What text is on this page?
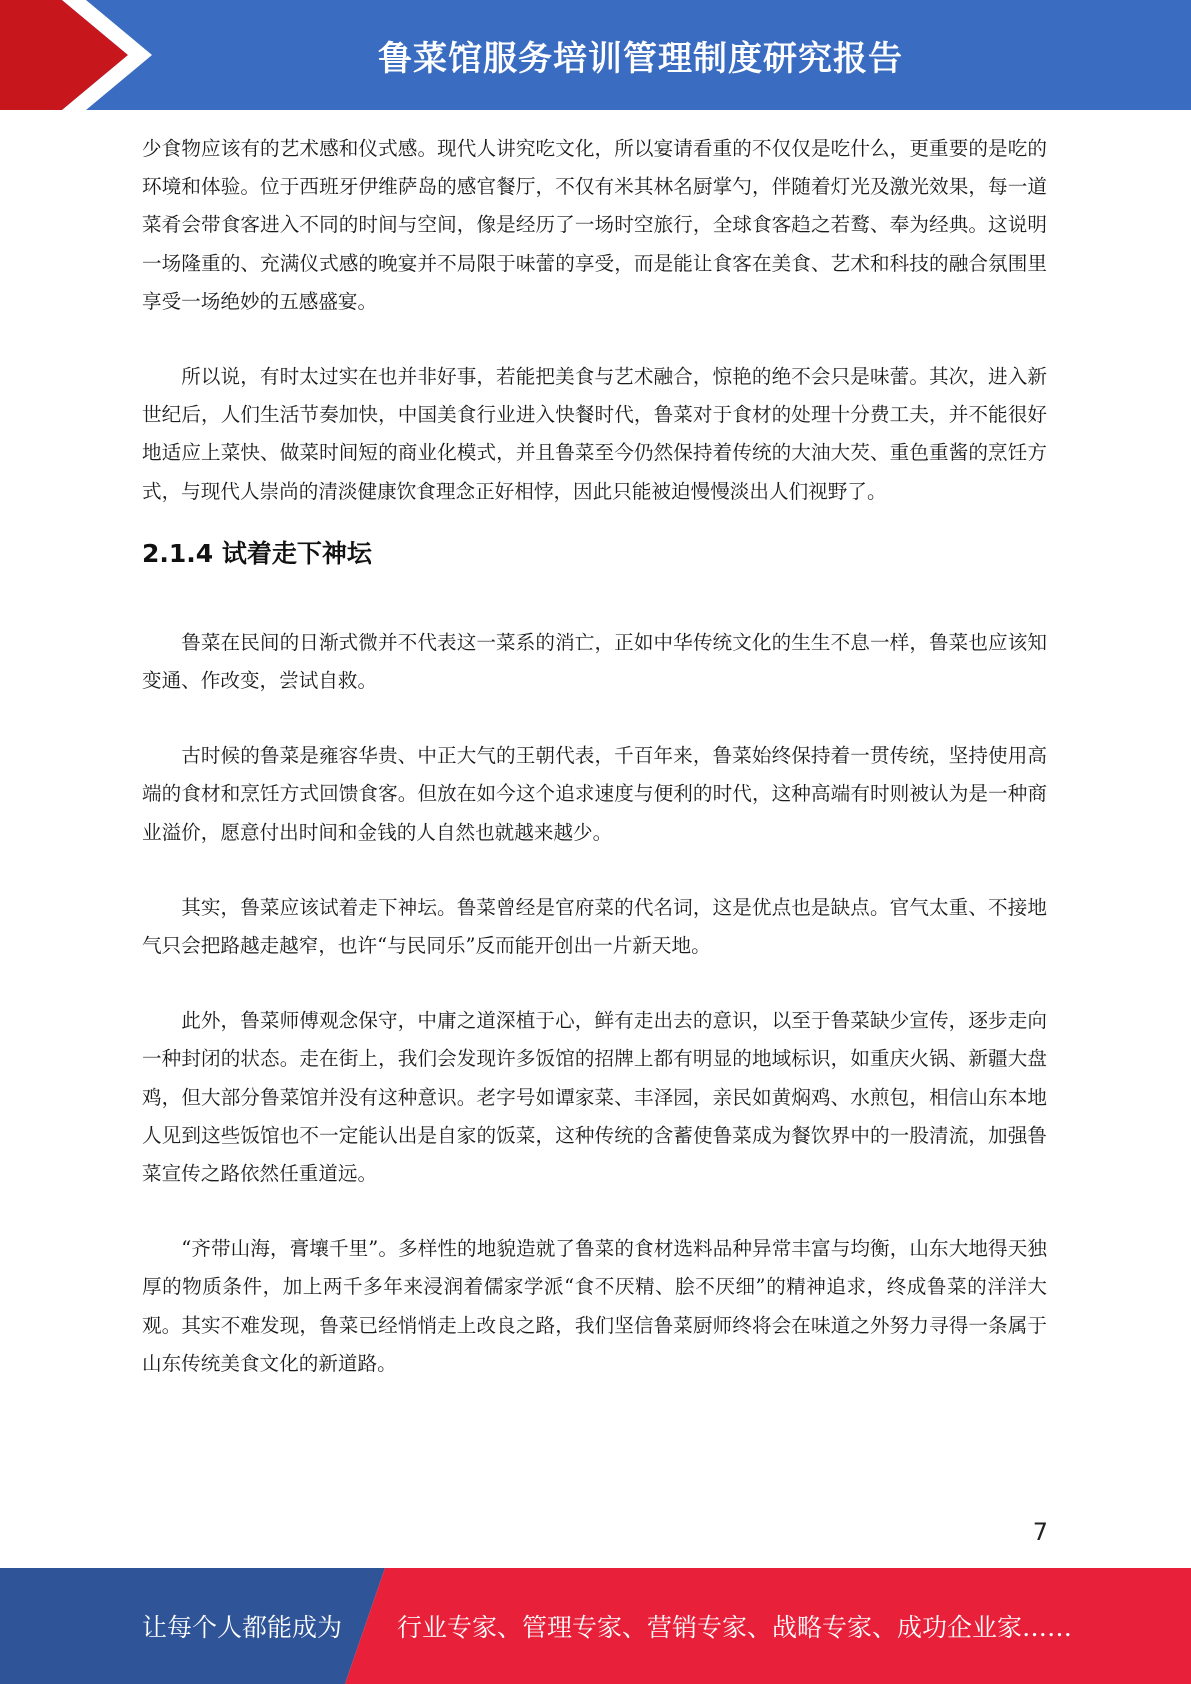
鲁菜馆服务培训管理制度研究报告

少食物应该有的艺术感和仪式感。现代人讲究吃文化，所以宴请看重的不仅仅是吃什么，更重要的是吃的环境和体验。位于西班牙伊维萨岛的感官餐厅，不仅有米其林名厨掌勺，伴随着灯光及激光效果，每一道菜肴会带食客进入不同的时间与空间，像是经历了一场时空旅行，全球食客趋之若鹜、奉为经典。这说明一场隆重的、充满仪式感的晚宴并不局限于味蕾的享受，而是能让食客在美食、艺术和科技的融合氛围里享受一场绝妙的五感盛宴。

所以说，有时太过实在也并非好事，若能把美食与艺术融合，惊艳的绝不会只是味蕾。其次，进入新世纪后，人们生活节奏加快，中国美食行业进入快餐时代，鲁菜对于食材的处理十分费工夫，并不能很好地适应上菜快、做菜时间短的商业化模式，并且鲁菜至今仍然保持着传统的大油大芡、重色重酱的烹饪方式，与现代人崇尚的清淡健康饮食理念正好相悖，因此只能被迫慢慢淡出人们视野了。

2.1.4 试着走下神坛

鲁菜在民间的日渐式微并不代表这一菜系的消亡，正如中华传统文化的生生不息一样，鲁菜也应该知变通、作改变，尝试自救。

古时候的鲁菜是雍容华贵、中正大气的王朝代表，千百年来，鲁菜始终保持着一贯传统，坚持使用高端的食材和烹饪方式回馈食客。但放在如今这个追求速度与便利的时代，这种高端有时则被认为是一种商业溢价，愿意付出时间和金钱的人自然也就越来越少。

其实，鲁菜应该试着走下神坛。鲁菜曾经是官府菜的代名词，这是优点也是缺点。官气太重、不接地气只会把路越走越窄，也许“与民同乐”反而能开创出一片新天地。

此外，鲁菜师傅观念保守，中庸之道深植于心，鲜有走出去的意识，以至于鲁菜缺少宣传，逐步走向一种封闭的状态。走在街上，我们会发现许多饭馆的招牌上都有明显的地域标识，如重庆火锅、新疆大盘鸡，但大部分鲁菜馆并没有这种意识。老字号如谭家菜、丰泽园，亲民如黄焖鸡、水煎包，相信山东本地人见到这些饭馆也不一定能认出是自家的饭菜，这种传统的含蓄使鲁菜成为餐饮界中的一股清流，加强鲁菜宣传之路依然任重道远。

“齐带山海，膏壤千里”。多样性的地貌造就了鲁菜的食材选料品种异常丰富与均衡，山东大地得天独厚的物质条件，加上两千多年来浸润着儒家学派“食不厌精、脍不厌细”的精神追求，终成鲁菜的洋洋大观。其实不难发现，鲁菜已经悄悄走上改良之路，我们坚信鲁菜厨师终将会在味道之外努力寻得一条属于山东传统美食文化的新道路。

7
让每个人都能成为 行业专家、管理专家、营销专家、战略专家、成功企业家……
